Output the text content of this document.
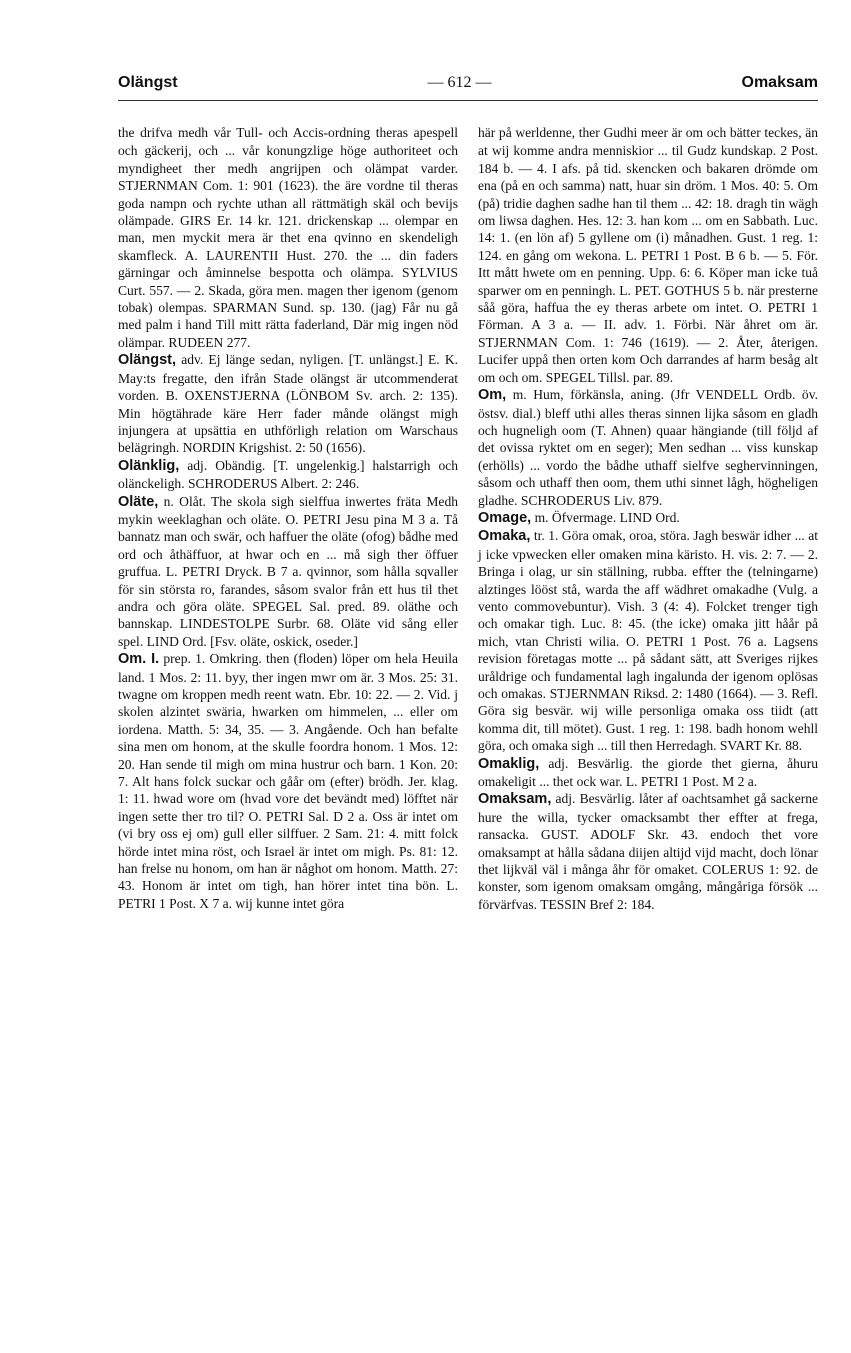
Olängst	— 612 —	Omaksam

the drifva medh vår Tull- och Accis-ordning theras apespell och gäckerij, och ... vår konungzlige höge authoriteet och myndigheet ther medh angrijpen och olämpat varder. STJERNMAN Com. 1: 901 (1623). the äre vordne til theras goda nampn och rychte uthan all rättmätigh skäl och bevijs olämpade. GIRS Er. 14 kr. 121. drickenskap ... olempar en man, men myckit mera är thet ena qvinno en skendeligh skamfleck. A. LAURENTII Hust. 270. the ... din faders gärningar och åminnelse bespotta och olämpa. SYLVIUS Curt. 557. — 2. Skada, göra men. magen ther igenom (genom tobak) olempas. SPARMAN Sund. sp. 130. (jag) Får nu gå med palm i hand Till mitt rätta faderland, Där mig ingen nöd olämpar. RUDEEN 277.

Olängst, adv. Ej länge sedan, nyligen. [T. unlängst.] E. K. May:ts fregatte, den ifrån Stade olängst är utcommenderat vorden. B. OXENSTJERNA (LÖNBOM Sv. arch. 2: 135). Min högtährade käre Herr fader månde olängst migh injungera at upsättia en uthförligh relation om Warschaus belägringh. NORDIN Krigshist. 2: 50 (1656).

Olänklig, adj. Obändig. [T. ungelenkig.] halstarrigh och olänckeligh. SCHRODERUS Albert. 2: 246.

Oläte, n. Olåt. The skola sigh sielffua inwertes fräta Medh mykin weeklaghan och oläte. O. PETRI Jesu pina M 3 a. Tå bannatz man och swär, och haffuer the oläte (ofog) bådhe med ord och åthäffuor, at hwar och en ... må sigh ther öffuer gruffua. L. PETRI Dryck. B 7 a. qvinnor, som hålla sqvaller för sin största ro, farandes, såsom svalor från ett hus til thet andra och göra oläte. SPEGEL Sal. pred. 89. oläthe och bannskap. LINDESTOLPE Surbr. 68. Oläte vid sång eller spel. LIND Ord. [Fsv. oläte, oskick, oseder.]

Om. I. prep. 1. Omkring. then (floden) löper om hela Heuila land. 1 Mos. 2: 11. byy, ther ingen mwr om är. 3 Mos. 25: 31. twagne om kroppen medh reent watn. Ebr. 10: 22. — 2. Vid. j skolen alzintet swäria, hwarken om himmelen, ... eller om iordena. Matth. 5: 34, 35. — 3. Angående. Och han befalte sina men om honom, at the skulle foordra honom. 1 Mos. 12: 20. Han sende til migh om mina hustrur och barn. 1 Kon. 20: 7. Alt hans folck suckar och gåår om (efter) brödh. Jer. klag. 1: 11. hwad wore om (hvad vore det bevändt med) löfftet när ingen sette ther tro til? O. PETRI Sal. D 2 a. Oss är intet om (vi bry oss ej om) gull eller silffuer. 2 Sam. 21: 4. mitt folck hörde intet mina röst, och Israel är intet om migh. Ps. 81: 12. han frelse nu honom, om han är någhot om honom. Matth. 27: 43. Honom är intet om tigh, han hörer intet tina bön. L. PETRI 1 Post. X 7 a. wij kunne intet göra

här på werldenne, ther Gudhi meer är om och bätter teckes, än at wij komme andra menniskior ... til Gudz kundskap. 2 Post. 184 b. — 4. I afs. på tid. skencken och bakaren drömde om ena (på en och samma) natt, huar sin dröm. 1 Mos. 40: 5. Om (på) tridie daghen sadhe han til them ... 42: 18. dragh tin wägh om liwsa daghen. Hes. 12: 3. han kom ... om en Sabbath. Luc. 14: 1. (en lön af) 5 gyllene om (i) månadhen. Gust. 1 reg. 1: 124. en gång om wekona. L. PETRI 1 Post. B 6 b. — 5. För. Itt mått hwete om en penning. Upp. 6: 6. Köper man icke tuå sparwer om en penningh. L. PET. GOTHUS 5 b. när presterne såå göra, haffua the ey theras arbete om intet. O. PETRI 1 Förman. A 3 a. — II. adv. 1. Förbi. När åhret om är. STJERNMAN Com. 1: 746 (1619). — 2. Åter, återigen. Lucifer uppå then orten kom Och darrandes af harm besåg alt om och om. SPEGEL Tillsl. par. 89.

Om, m. Hum, förkänsla, aning. (Jfr VENDELL Ordb. öv. östsv. dial.) bleff uthi alles theras sinnen lijka såsom en gladh och hugneligh oom (T. Ahnen) quaar hängiande (till följd af det ovissa ryktet om en seger); Men sedhan ... viss kunskap (erhölls) ... vordo the bådhe uthaff sielfve seghervinningen, såsom och uthaff then oom, them uthi sinnet lågh, högheligen gladhe. SCHRODERUS Liv. 879.

Omage, m. Öfvermage. LIND Ord.

Omaka, tr. 1. Göra omak, oroa, störa. Jagh beswär idher ... at j icke vpwecken eller omaken mina käristo. H. vis. 2: 7. — 2. Bringa i olag, ur sin ställning, rubba. effter the (telningarne) alztinges lööst stå, warda the aff wädhret omakadhe (Vulg. a vento commovebuntur). Vish. 3 (4: 4). Folcket trenger tigh och omakar tigh. Luc. 8: 45. (the icke) omaka jitt håår på mich, vtan Christi wilia. O. PETRI 1 Post. 76 a. Lagsens revision företagas motte ... på sådant sätt, att Sveriges rijkes uråldrige och fundamental lagh ingalunda der igenom oplösas och omakas. STJERNMAN Riksd. 2: 1480 (1664). — 3. Refl. Göra sig besvär. wij wille personliga omaka oss tiidt (att komma dit, till mötet). Gust. 1 reg. 1: 198. badh honom wehll göra, och omaka sigh ... till then Herredagh. SVART Kr. 88.

Omaklig, adj. Besvärlig. the giorde thet gierna, åhuru omakeligit ... thet ock war. L. PETRI 1 Post. M 2 a.

Omaksam, adj. Besvärlig. låter af oachtsamhet gå sackerne hure the willa, tycker omacksambt ther effter at frega, ransacka. GUST. ADOLF Skr. 43. endoch thet vore omaksampt at hålla sådana diijen altijd vijd macht, doch lönar thet lijkväl väl i många åhr för omaket. COLERUS 1: 92. de konster, som igenom omaksam omgång, mångåriga försök ... förvärfvas. TESSIN Bref 2: 184.
